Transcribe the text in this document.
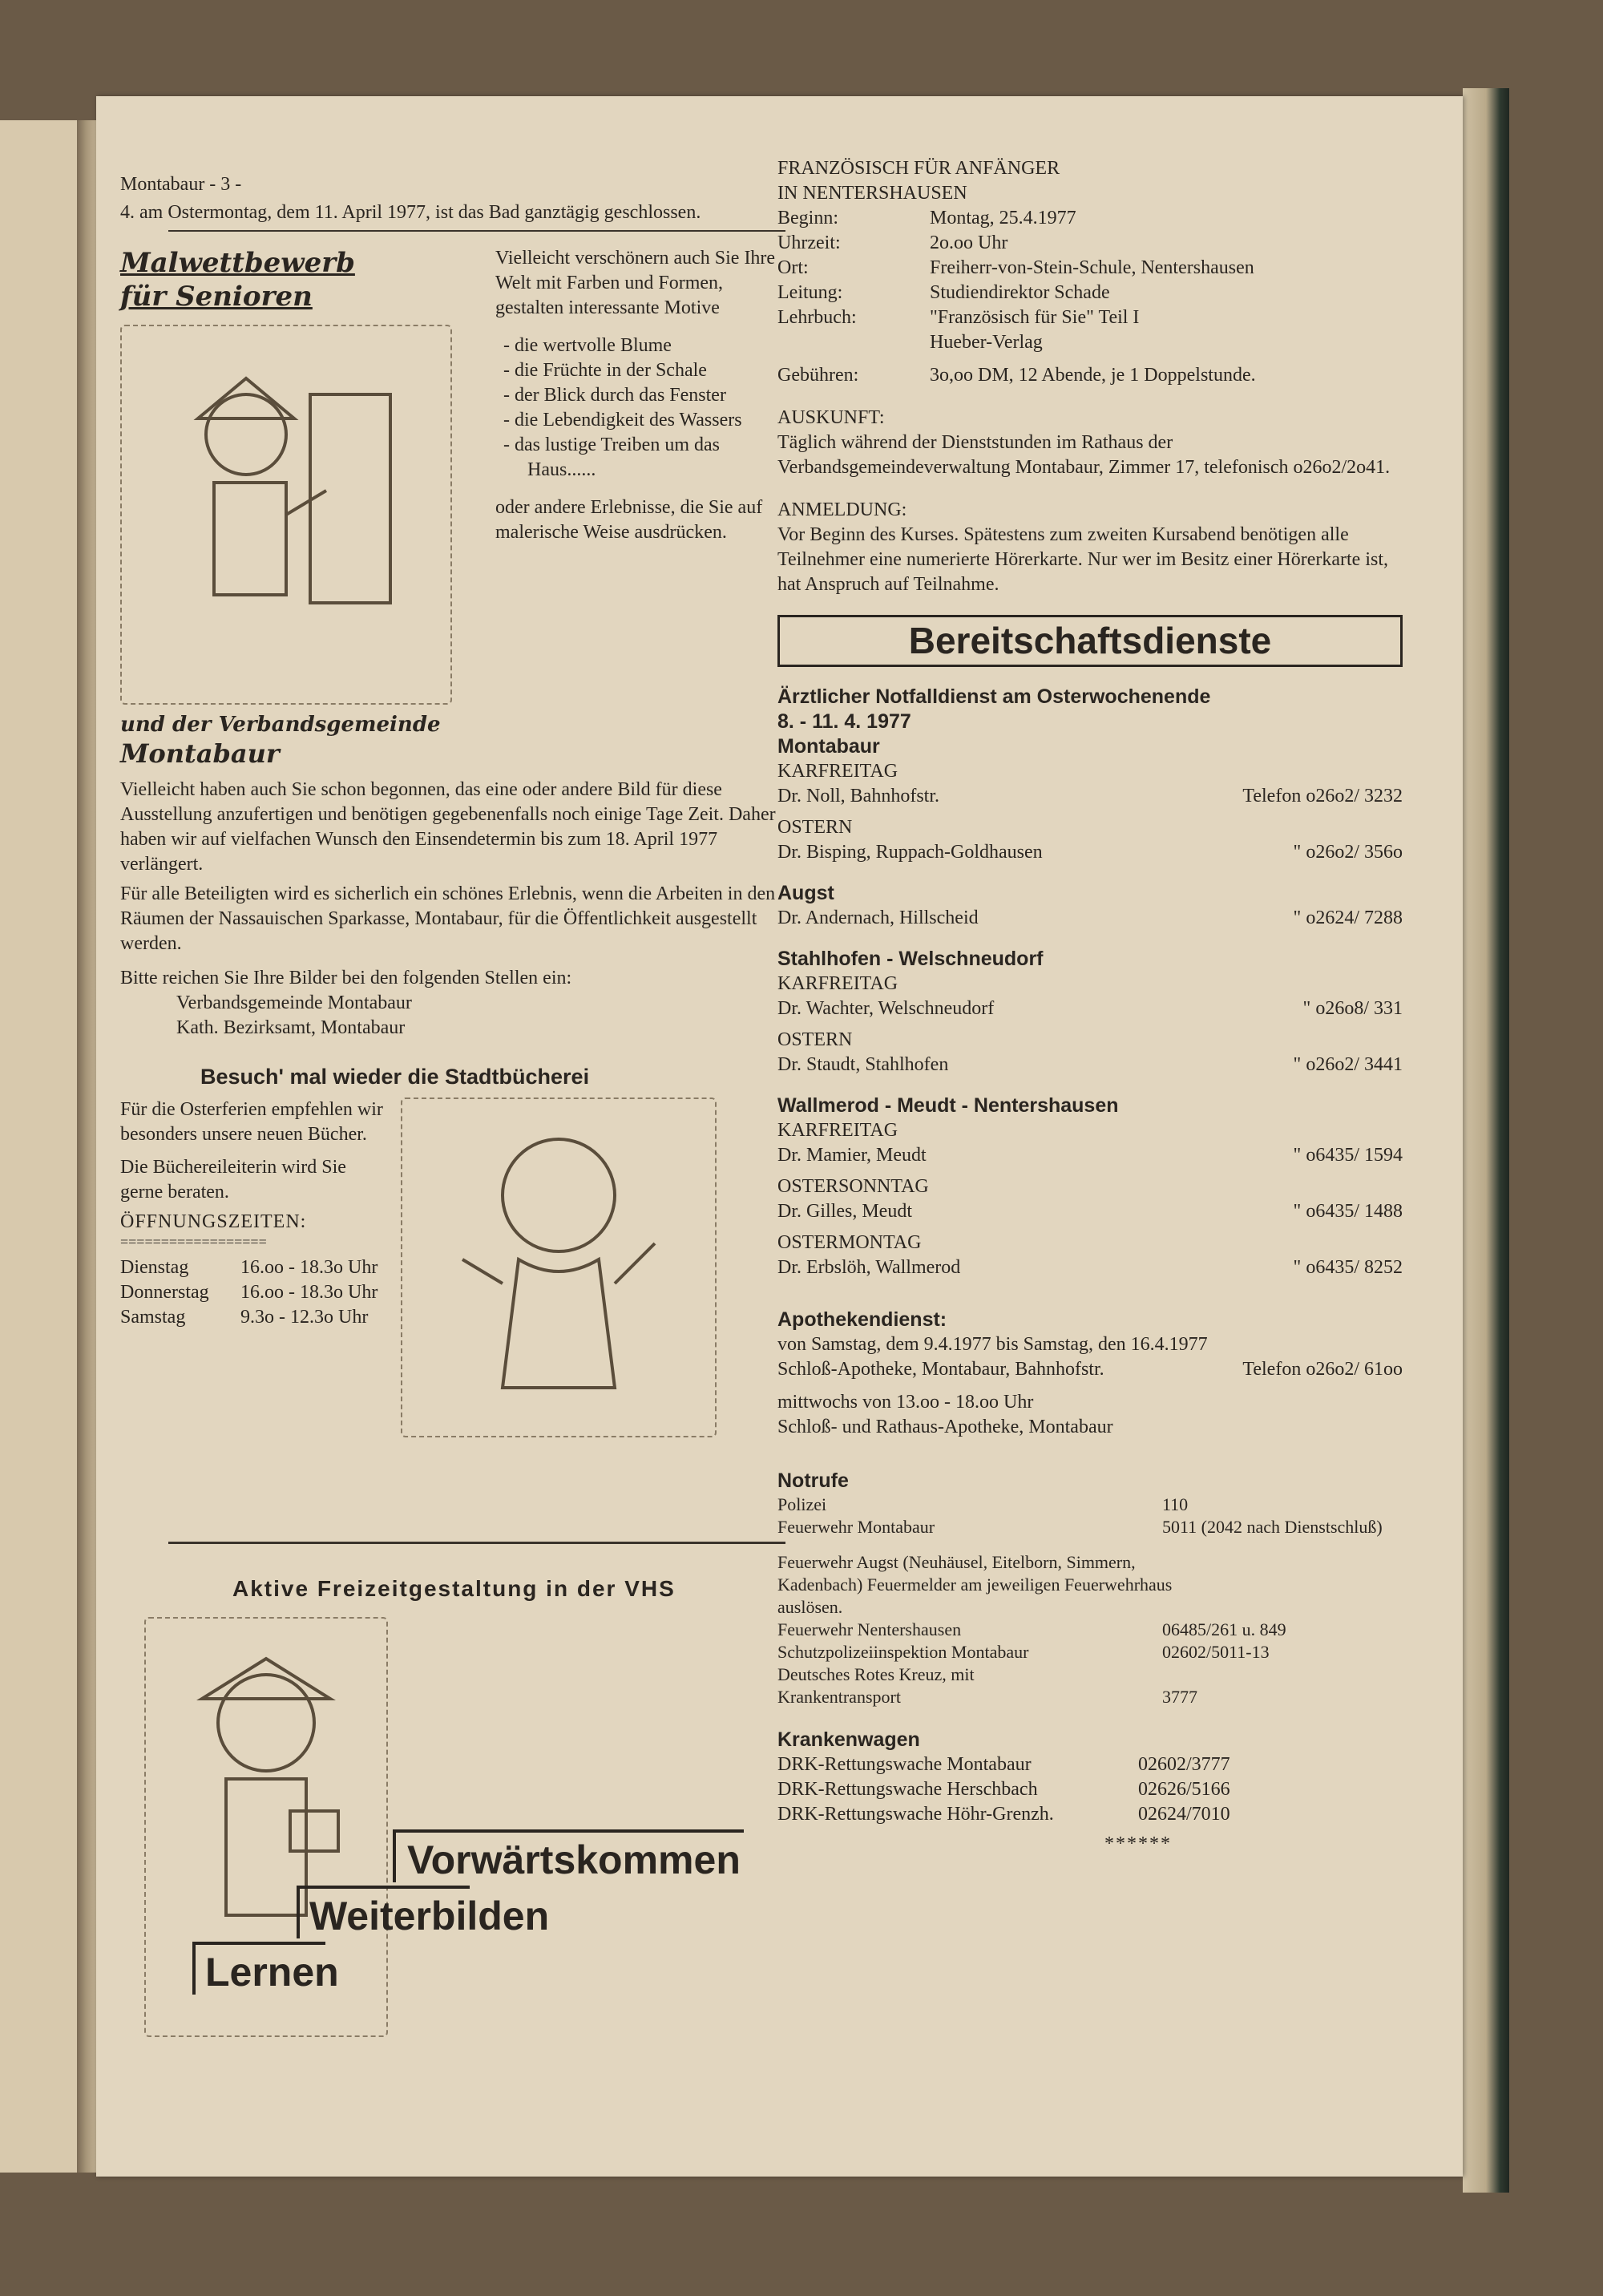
Montabaur - 3 -
4. am Ostermontag, dem 11. April 1977, ist das Bad ganztägig geschlossen.
Malwettbewerb
für Senioren
und der Verbandsgemeinde
Montabaur
Vielleicht verschönern auch Sie Ihre Welt mit Farben und Formen, gestalten interessante Motive
- die wertvolle Blume
- die Früchte in der Schale
- der Blick durch das Fenster
- die Lebendigkeit des Wassers
- das lustige Treiben um das Haus......
oder andere Erlebnisse, die Sie auf malerische Weise ausdrücken.
Vielleicht haben auch Sie schon begonnen, das eine oder andere Bild für diese Ausstellung anzufertigen und benötigen gegebenenfalls noch einige Tage Zeit. Daher haben wir auf vielfachen Wunsch den Einsendetermin bis zum 18. April 1977 verlängert.
Für alle Beteiligten wird es sicherlich ein schönes Erlebnis, wenn die Arbeiten in den Räumen der Nassauischen Sparkasse, Montabaur, für die Öffentlichkeit ausgestellt werden.
Bitte reichen Sie Ihre Bilder bei den folgenden Stellen ein:
Verbandsgemeinde Montabaur
Kath. Bezirksamt, Montabaur
Besuch' mal wieder die Stadtbücherei
Für die Osterferien empfehlen wir besonders unsere neuen Bücher.
Die Büchereileiterin wird Sie gerne beraten.
ÖFFNUNGSZEITEN:
==================
Dienstag	16.oo - 18.3o Uhr
Donnerstag	16.oo - 18.3o Uhr
Samstag	9.3o - 12.3o Uhr
Aktive Freizeitgestaltung in der VHS
Vorwärtskommen
Weiterbilden
Lernen
FRANZÖSISCH FÜR ANFÄNGER
IN NENTERSHAUSEN
Beginn:	Montag, 25.4.1977
Uhrzeit:	2o.oo Uhr
Ort:	Freiherr-von-Stein-Schule, Nentershausen
Leitung:	Studiendirektor Schade
Lehrbuch:	"Französisch für Sie" Teil I
Hueber-Verlag
Gebühren:	3o,oo DM, 12 Abende, je 1 Doppelstunde.
AUSKUNFT:
Täglich während der Dienststunden im Rathaus der Verbandsgemeindeverwaltung Montabaur, Zimmer 17, telefonisch o26o2/2o41.
ANMELDUNG:
Vor Beginn des Kurses. Spätestens zum zweiten Kursabend benötigen alle Teilnehmer eine numerierte Hörerkarte. Nur wer im Besitz einer Hörerkarte ist, hat Anspruch auf Teilnahme.
Bereitschaftsdienste
Ärztlicher Notfalldienst am Osterwochenende
8. - 11. 4. 1977
Montabaur
KARFREITAG
Dr. Noll, Bahnhofstr.	Telefon o26o2/ 3232
OSTERN
Dr. Bisping, Ruppach-Goldhausen	" o26o2/ 356o
Augst
Dr. Andernach, Hillscheid	" o2624/ 7288
Stahlhofen - Welschneudorf
KARFREITAG
Dr. Wachter, Welschneudorf	" o26o8/ 331
OSTERN
Dr. Staudt, Stahlhofen	" o26o2/ 3441
Wallmerod - Meudt - Nentershausen
KARFREITAG
Dr. Mamier, Meudt	" o6435/ 1594
OSTERSONNTAG
Dr. Gilles, Meudt	" o6435/ 1488
OSTERMONTAG
Dr. Erbslöh, Wallmerod	" o6435/ 8252
Apothekendienst:
von Samstag, dem 9.4.1977 bis Samstag, den 16.4.1977
Schloß-Apotheke, Montabaur, Bahnhofstr.	Telefon o26o2/ 61oo
mittwochs von 13.oo - 18.oo Uhr
Schloß- und Rathaus-Apotheke, Montabaur
Notrufe
Polizei	110
Feuerwehr Montabaur	5011 (2042 nach Dienstschluß)
Feuerwehr Augst (Neuhäusel, Eitelborn, Simmern, Kadenbach) Feuermelder am jeweiligen Feuerwehrhaus auslösen.
Feuerwehr Nentershausen	06485/261 u. 849
Schutzpolizeiinspektion Montabaur	02602/5011-13
Deutsches Rotes Kreuz, mit Krankentransport	3777
Krankenwagen
DRK-Rettungswache Montabaur	02602/3777
DRK-Rettungswache Herschbach	02626/5166
DRK-Rettungswache Höhr-Grenzh.	02624/7010
******
